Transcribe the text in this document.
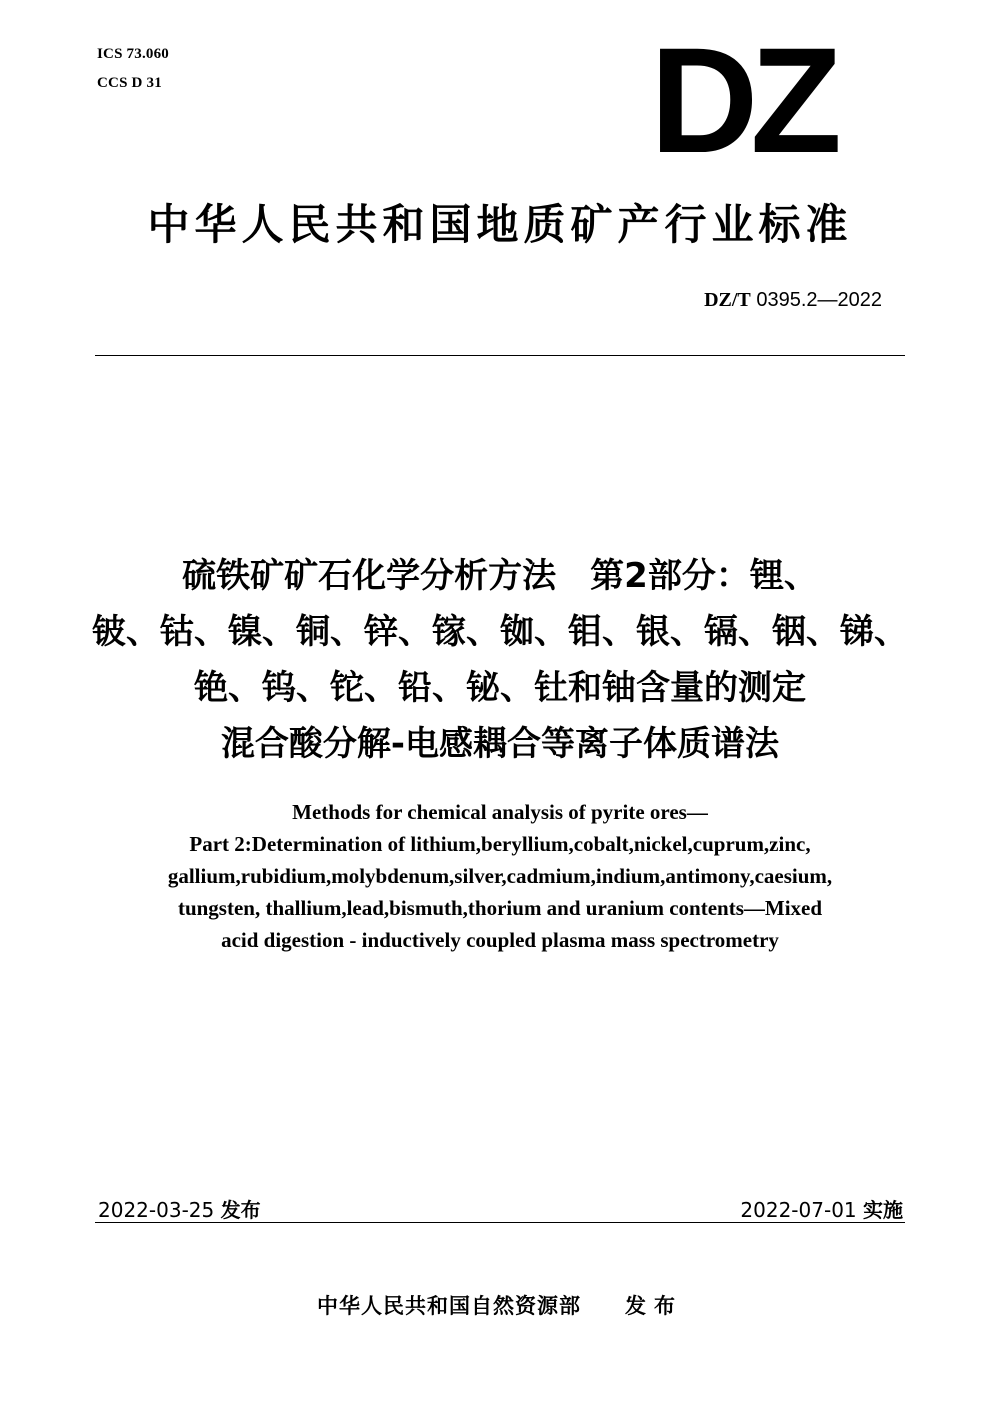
ICS 73.060
CCS D 31	DZ
中华人民共和国地质矿产行业标准
DZ/T 0395.2—2022
硫铁矿矿石化学分析方法　第2部分：锂、
铍、钴、镍、铜、锌、镓、铷、钼、银、镉、铟、锑、
铯、钨、铊、铅、铋、钍和铀含量的测定
混合酸分解-电感耦合等离子体质谱法
Methods for chemical analysis of pyrite ores—
Part 2:Determination of lithium,beryllium,cobalt,nickel,cuprum,zinc,
gallium,rubidium,molybdenum,silver,cadmium,indium,antimony,caesium,
tungsten, thallium,lead,bismuth,thorium and uranium contents—Mixed
acid digestion - inductively coupled plasma mass spectrometry
2022-03-25 发布	2022-07-01 实施
中华人民共和国自然资源部 发布
